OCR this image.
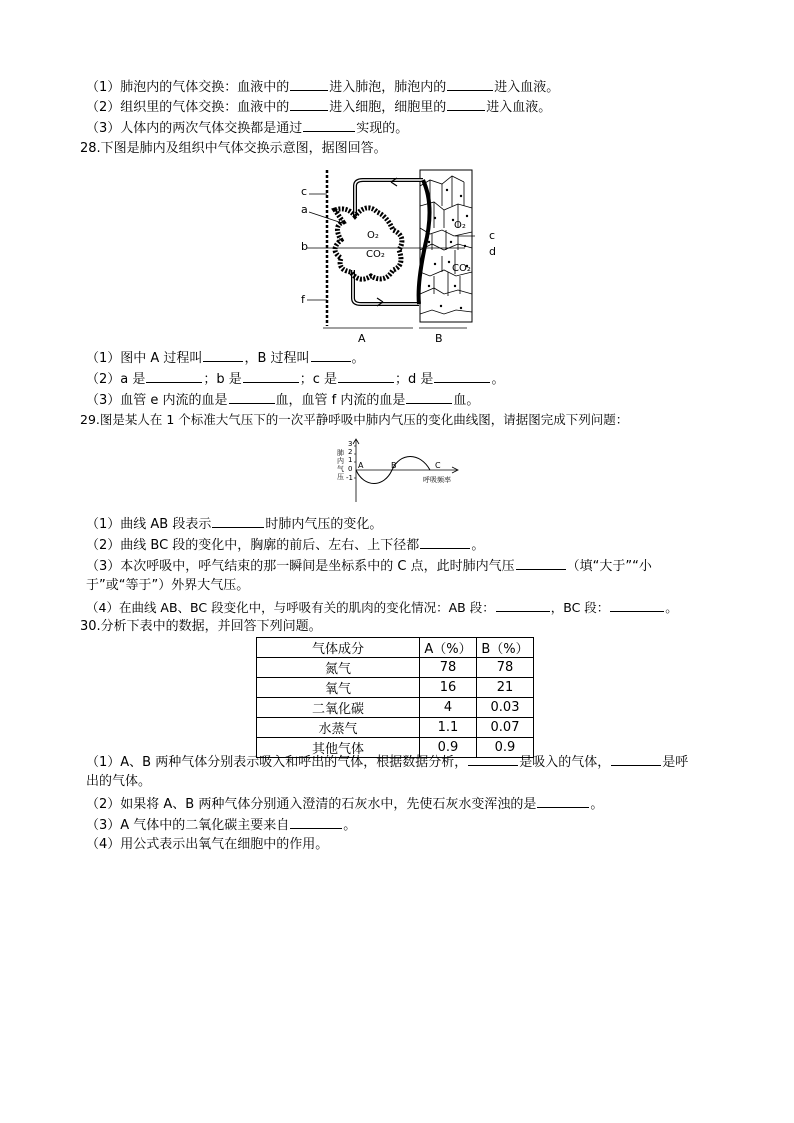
（1）肺泡内的气体交换：血液中的	进入肺泡，肺泡内的	进入血液。
（2）组织里的气体交换：血液中的	进入细胞，细胞里的	进入血液。
（3）人体内的两次气体交换都是通过	实现的。
28.下图是肺内及组织中气体交换示意图，据图回答。
c
a
b
f
O₂
CO₂
O₂
c
d
CO₂
A	B
（1）图中 A 过程叫	，B 过程叫	。
（2）a 是	；b 是	；c 是	；d 是	。
（3）血管 e 内流的血是	血，血管 f 内流的血是	血。
29.图是某人在 1 个标准大气压下的一次平静呼吸中肺内气压的变化曲线图，请据图完成下列问题：
肺
内
气
压
3
2
1
0
-1
A	B	C
呼吸频率
（1）曲线 AB 段表示	时肺内气压的变化。
（2）曲线 BC 段的变化中，胸廓的前后、左右、上下径都	。
（3）本次呼吸中，呼气结束的那一瞬间是坐标系中的 C 点，此时肺内气压	（填“大于”“小
于”或“等于”）外界大气压。
（4）在曲线 AB、BC 段变化中，与呼吸有关的肌肉的变化情况：AB 段：	，BC 段：	。
30.分析下表中的数据，并回答下列问题。
气体成分	A（%）	B（%）
氮气	78	78
氧气	16	21
二氧化碳	4	0.03
水蒸气	1.1	0.07
其他气体	0.9	0.9
（1）A、B 两种气体分别表示吸入和呼出的气体，根据数据分析，	是吸入的气体，	是呼
出的气体。
（2）如果将 A、B 两种气体分别通入澄清的石灰水中，先使石灰水变浑浊的是	。
（3）A 气体中的二氧化碳主要来自	。
（4）用公式表示出氧气在细胞中的作用。
